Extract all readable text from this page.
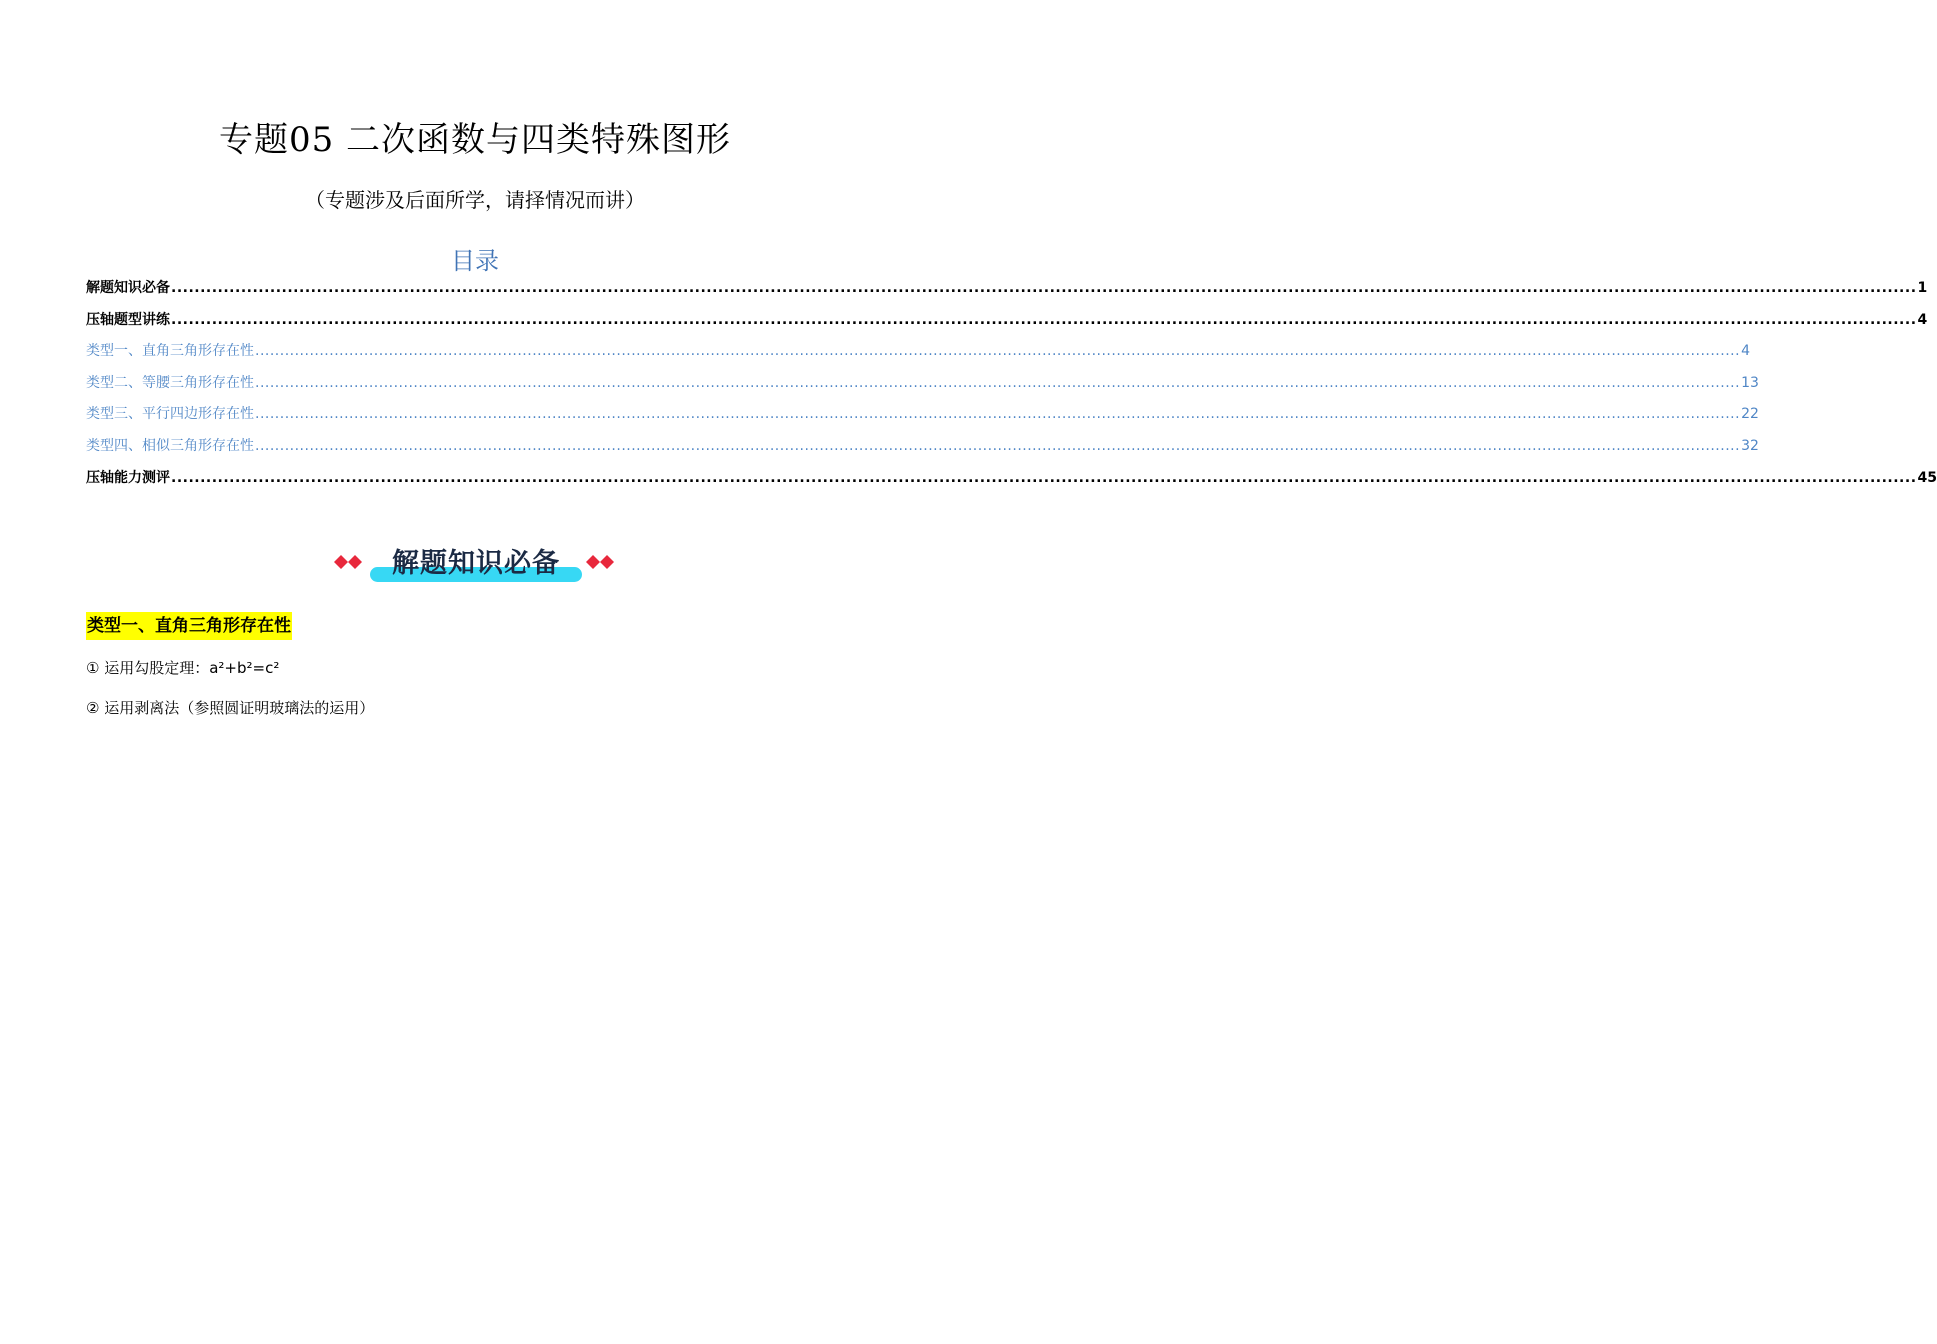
专题05 二次函数与四类特殊图形
（专题涉及后面所学，请择情况而讲）
目录
解题知识必备 ............................................................................................................................................................................................................................................................................................................ 1
压轴题型讲练 ............................................................................................................................................................................................................................................................................................................ 4
类型一、直角三角形存在性 ............................................................................................................................................................................................................................................................................................................ 4
类型二、等腰三角形存在性 ............................................................................................................................................................................................................................................................................................................ 13
类型三、平行四边形存在性 ............................................................................................................................................................................................................................................................................................................ 22
类型四、相似三角形存在性 ............................................................................................................................................................................................................................................................................................................ 32
压轴能力测评 ............................................................................................................................................................................................................................................................................................................ 45
解题知识必备
类型一、直角三角形存在性
① 运用勾股定理：a²+b²=c²
② 运用剥离法（参照圆证明玻璃法的运用）
